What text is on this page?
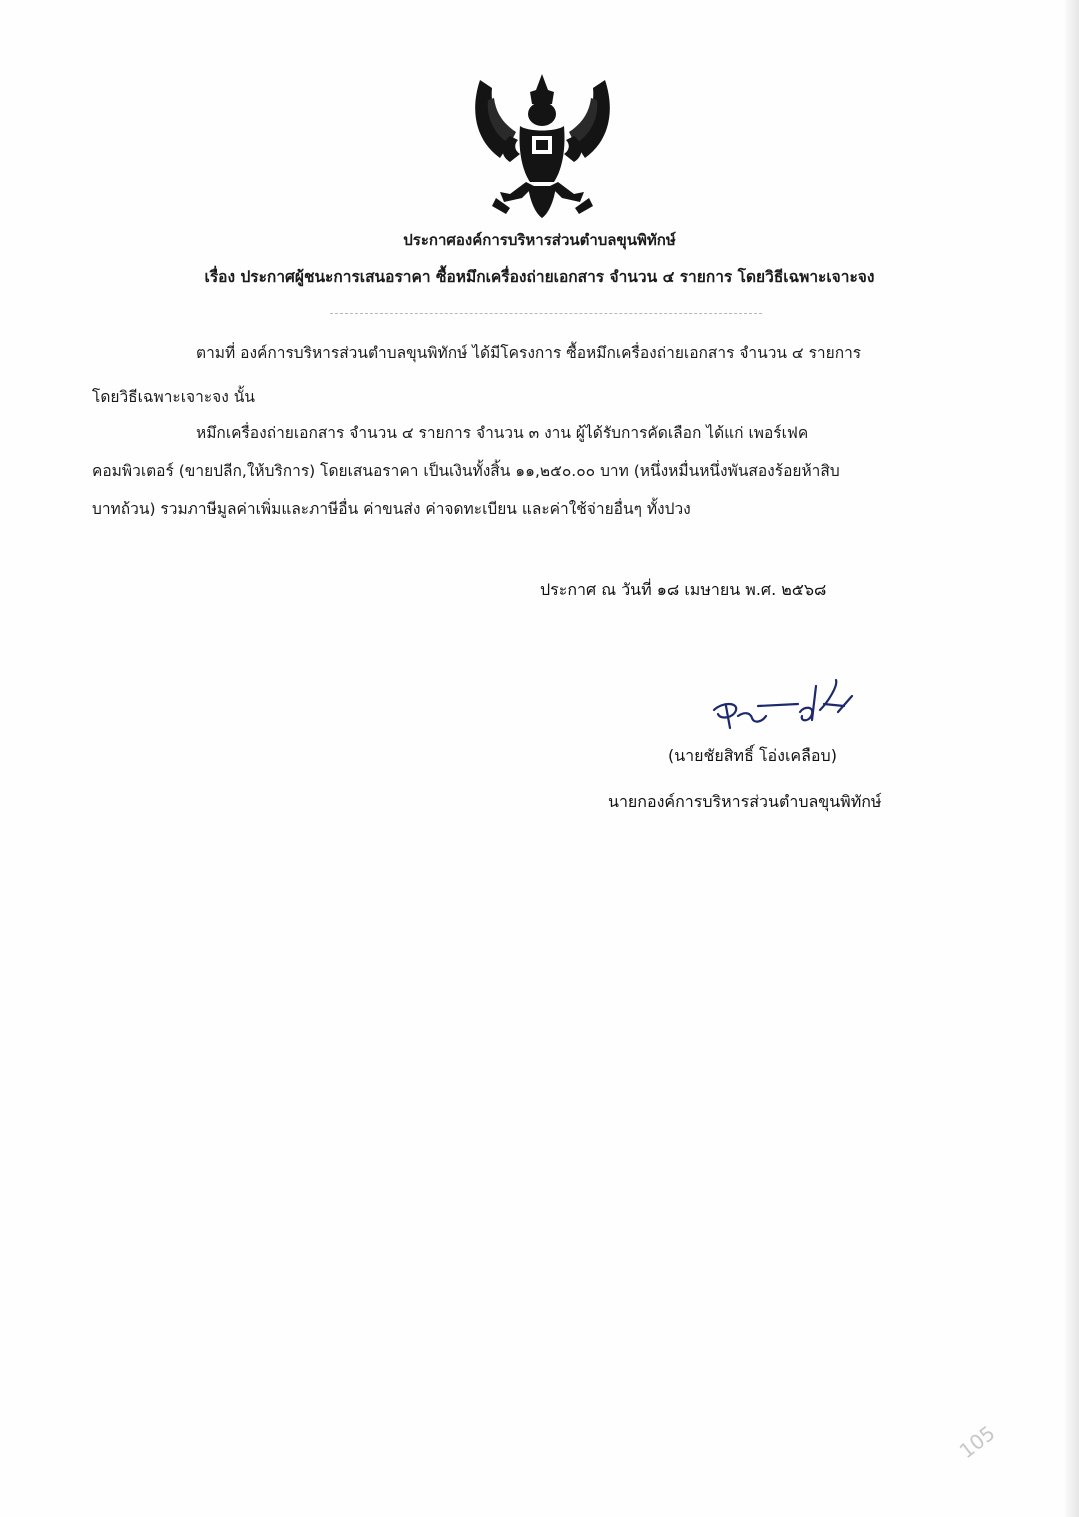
ประกาศองค์การบริหารส่วนตำบลขุนพิทักษ์
เรื่อง ประกาศผู้ชนะการเสนอราคา ซื้อหมึกเครื่องถ่ายเอกสาร จำนวน ๔ รายการ โดยวิธีเฉพาะเจาะจง
ตามที่ องค์การบริหารส่วนตำบลขุนพิทักษ์ ได้มีโครงการ ซื้อหมึกเครื่องถ่ายเอกสาร จำนวน ๔ รายการ
โดยวิธีเฉพาะเจาะจง นั้น
หมึกเครื่องถ่ายเอกสาร จำนวน ๔ รายการ จำนวน ๓ งาน ผู้ได้รับการคัดเลือก ได้แก่ เพอร์เฟค
คอมพิวเตอร์ (ขายปลีก,ให้บริการ) โดยเสนอราคา เป็นเงินทั้งสิ้น ๑๑,๒๕๐.๐๐ บาท (หนึ่งหมื่นหนึ่งพันสองร้อยห้าสิบ
บาทถ้วน) รวมภาษีมูลค่าเพิ่มและภาษีอื่น ค่าขนส่ง ค่าจดทะเบียน และค่าใช้จ่ายอื่นๆ ทั้งปวง
ประกาศ ณ วันที่ ๑๘ เมษายน พ.ศ. ๒๕๖๘
(นายชัยสิทธิ์ โอ่งเคลือบ)
นายกองค์การบริหารส่วนตำบลขุนพิทักษ์
105
